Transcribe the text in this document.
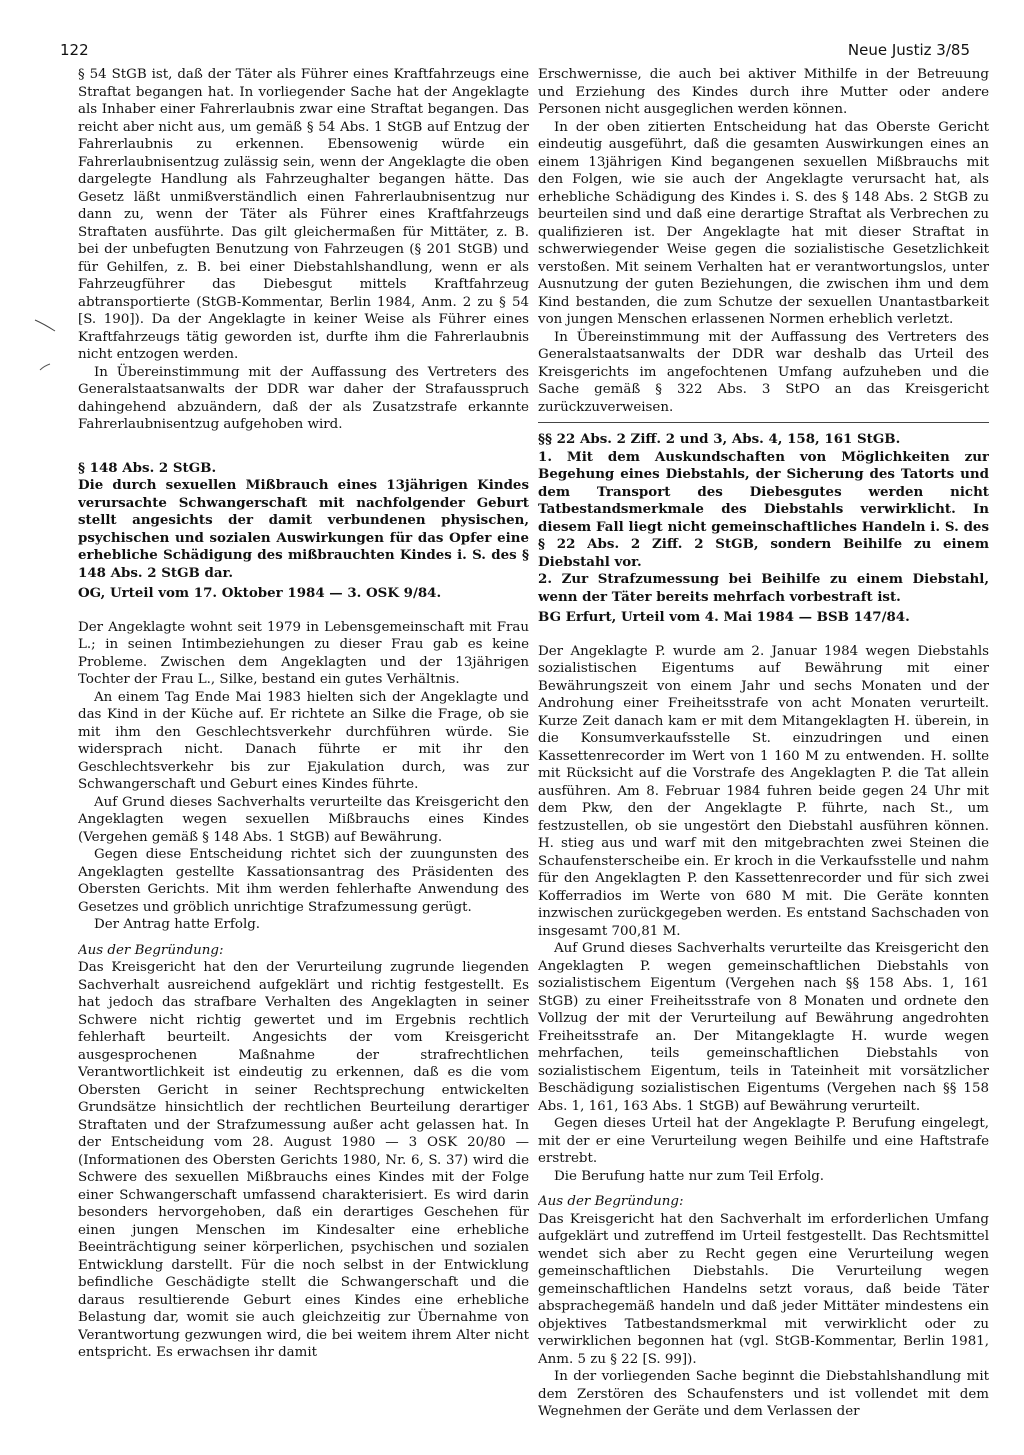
122	Neue Justiz 3/85

§ 54 StGB ist, daß der Täter als Führer eines Kraftfahrzeugs eine Straftat begangen hat. In vorliegender Sache hat der Angeklagte als Inhaber einer Fahrerlaubnis zwar eine Straftat begangen. Das reicht aber nicht aus, um gemäß § 54 Abs. 1 StGB auf Entzug der Fahrerlaubnis zu erkennen. Ebensowenig würde ein Fahrerlaubnisentzug zulässig sein, wenn der Angeklagte die oben dargelegte Handlung als Fahrzeughalter begangen hätte. Das Gesetz läßt unmißverständlich einen Fahrerlaubnisentzug nur dann zu, wenn der Täter als Führer eines Kraftfahrzeugs Straftaten ausführte. Das gilt gleichermaßen für Mittäter, z. B. bei der unbefugten Benutzung von Fahrzeugen (§ 201 StGB) und für Gehilfen, z. B. bei einer Diebstahlshandlung, wenn er als Fahrzeugführer das Diebesgut mittels Kraftfahrzeug abtransportierte (StGB-Kommentar, Berlin 1984, Anm. 2 zu § 54 [S. 190]). Da der Angeklagte in keiner Weise als Führer eines Kraftfahrzeugs tätig geworden ist, durfte ihm die Fahrerlaubnis nicht entzogen werden.

In Übereinstimmung mit der Auffassung des Vertreters des Generalstaatsanwalts der DDR war daher der Strafausspruch dahingehend abzuändern, daß der als Zusatzstrafe erkannte Fahrerlaubnisentzug aufgehoben wird.

§ 148 Abs. 2 StGB.

Die durch sexuellen Mißbrauch eines 13jährigen Kindes verursachte Schwangerschaft mit nachfolgender Geburt stellt angesichts der damit verbundenen physischen, psychischen und sozialen Auswirkungen für das Opfer eine erhebliche Schädigung des mißbrauchten Kindes i. S. des § 148 Abs. 2 StGB dar.

OG, Urteil vom 17. Oktober 1984 — 3. OSK 9/84.

Der Angeklagte wohnt seit 1979 in Lebensgemeinschaft mit Frau L.; in seinen Intimbeziehungen zu dieser Frau gab es keine Probleme. Zwischen dem Angeklagten und der 13jährigen Tochter der Frau L., Silke, bestand ein gutes Verhältnis.

An einem Tag Ende Mai 1983 hielten sich der Angeklagte und das Kind in der Küche auf. Er richtete an Silke die Frage, ob sie mit ihm den Geschlechtsverkehr durchführen würde. Sie widersprach nicht. Danach führte er mit ihr den Geschlechtsverkehr bis zur Ejakulation durch, was zur Schwangerschaft und Geburt eines Kindes führte.

Auf Grund dieses Sachverhalts verurteilte das Kreisgericht den Angeklagten wegen sexuellen Mißbrauchs eines Kindes (Vergehen gemäß § 148 Abs. 1 StGB) auf Bewährung.

Gegen diese Entscheidung richtet sich der zuungunsten des Angeklagten gestellte Kassationsantrag des Präsidenten des Obersten Gerichts. Mit ihm werden fehlerhafte Anwendung des Gesetzes und gröblich unrichtige Strafzumessung gerügt.

Der Antrag hatte Erfolg.

Aus der Begründung:

Das Kreisgericht hat den der Verurteilung zugrunde liegenden Sachverhalt ausreichend aufgeklärt und richtig festgestellt. Es hat jedoch das strafbare Verhalten des Angeklagten in seiner Schwere nicht richtig gewertet und im Ergebnis rechtlich fehlerhaft beurteilt. Angesichts der vom Kreisgericht ausgesprochenen Maßnahme der strafrechtlichen Verantwortlichkeit ist eindeutig zu erkennen, daß es die vom Obersten Gericht in seiner Rechtsprechung entwickelten Grundsätze hinsichtlich der rechtlichen Beurteilung derartiger Straftaten und der Strafzumessung außer acht gelassen hat. In der Entscheidung vom 28. August 1980 — 3 OSK 20/80 — (Informationen des Obersten Gerichts 1980, Nr. 6, S. 37) wird die Schwere des sexuellen Mißbrauchs eines Kindes mit der Folge einer Schwangerschaft umfassend charakterisiert. Es wird darin besonders hervorgehoben, daß ein derartiges Geschehen für einen jungen Menschen im Kindesalter eine erhebliche Beeinträchtigung seiner körperlichen, psychischen und sozialen Entwicklung darstellt. Für die noch selbst in der Entwicklung befindliche Geschädigte stellt die Schwangerschaft und die daraus resultierende Geburt eines Kindes eine erhebliche Belastung dar, womit sie auch gleichzeitig zur Übernahme von Verantwortung gezwungen wird, die bei weitem ihrem Alter nicht entspricht. Es erwachsen ihr damit

Erschwernisse, die auch bei aktiver Mithilfe in der Betreuung und Erziehung des Kindes durch ihre Mutter oder andere Personen nicht ausgeglichen werden können.

In der oben zitierten Entscheidung hat das Oberste Gericht eindeutig ausgeführt, daß die gesamten Auswirkungen eines an einem 13jährigen Kind begangenen sexuellen Mißbrauchs mit den Folgen, wie sie auch der Angeklagte verursacht hat, als erhebliche Schädigung des Kindes i. S. des § 148 Abs. 2 StGB zu beurteilen sind und daß eine derartige Straftat als Verbrechen zu qualifizieren ist. Der Angeklagte hat mit dieser Straftat in schwerwiegender Weise gegen die sozialistische Gesetzlichkeit verstoßen. Mit seinem Verhalten hat er verantwortungslos, unter Ausnutzung der guten Beziehungen, die zwischen ihm und dem Kind bestanden, die zum Schutze der sexuellen Unantastbarkeit von jungen Menschen erlassenen Normen erheblich verletzt.

In Übereinstimmung mit der Auffassung des Vertreters des Generalstaatsanwalts der DDR war deshalb das Urteil des Kreisgerichts im angefochtenen Umfang aufzuheben und die Sache gemäß § 322 Abs. 3 StPO an das Kreisgericht zurückzuverweisen.

§§ 22 Abs. 2 Ziff. 2 und 3, Abs. 4, 158, 161 StGB.

1. Mit dem Auskundschaften von Möglichkeiten zur Begehung eines Diebstahls, der Sicherung des Tatorts und dem Transport des Diebesgutes werden nicht Tatbestandsmerkmale des Diebstahls verwirklicht. In diesem Fall liegt nicht gemeinschaftliches Handeln i. S. des § 22 Abs. 2 Ziff. 2 StGB, sondern Beihilfe zu einem Diebstahl vor.

2. Zur Strafzumessung bei Beihilfe zu einem Diebstahl, wenn der Täter bereits mehrfach vorbestraft ist.

BG Erfurt, Urteil vom 4. Mai 1984 — BSB 147/84.

Der Angeklagte P. wurde am 2. Januar 1984 wegen Diebstahls sozialistischen Eigentums auf Bewährung mit einer Bewährungszeit von einem Jahr und sechs Monaten und der Androhung einer Freiheitsstrafe von acht Monaten verurteilt. Kurze Zeit danach kam er mit dem Mitangeklagten H. überein, in die Konsumverkaufsstelle St. einzudringen und einen Kassettenrecorder im Wert von 1 160 M zu entwenden. H. sollte mit Rücksicht auf die Vorstrafe des Angeklagten P. die Tat allein ausführen. Am 8. Februar 1984 fuhren beide gegen 24 Uhr mit dem Pkw, den der Angeklagte P. führte, nach St., um festzustellen, ob sie ungestört den Diebstahl ausführen können. H. stieg aus und warf mit den mitgebrachten zwei Steinen die Schaufensterscheibe ein. Er kroch in die Verkaufsstelle und nahm für den Angeklagten P. den Kassettenrecorder und für sich zwei Kofferradios im Werte von 680 M mit. Die Geräte konnten inzwischen zurückgegeben werden. Es entstand Sachschaden von insgesamt 700,81 M.

Auf Grund dieses Sachverhalts verurteilte das Kreisgericht den Angeklagten P. wegen gemeinschaftlichen Diebstahls von sozialistischem Eigentum (Vergehen nach §§ 158 Abs. 1, 161 StGB) zu einer Freiheitsstrafe von 8 Monaten und ordnete den Vollzug der mit der Verurteilung auf Bewährung angedrohten Freiheitsstrafe an. Der Mitangeklagte H. wurde wegen mehrfachen, teils gemeinschaftlichen Diebstahls von sozialistischem Eigentum, teils in Tateinheit mit vorsätzlicher Beschädigung sozialistischen Eigentums (Vergehen nach §§ 158 Abs. 1, 161, 163 Abs. 1 StGB) auf Bewährung verurteilt.

Gegen dieses Urteil hat der Angeklagte P. Berufung eingelegt, mit der er eine Verurteilung wegen Beihilfe und eine Haftstrafe erstrebt.

Die Berufung hatte nur zum Teil Erfolg.

Aus der Begründung:

Das Kreisgericht hat den Sachverhalt im erforderlichen Umfang aufgeklärt und zutreffend im Urteil festgestellt. Das Rechtsmittel wendet sich aber zu Recht gegen eine Verurteilung wegen gemeinschaftlichen Diebstahls. Die Verurteilung wegen gemeinschaftlichen Handelns setzt voraus, daß beide Täter absprachegemäß handeln und daß jeder Mittäter mindestens ein objektives Tatbestandsmerkmal mit verwirklicht oder zu verwirklichen begonnen hat (vgl. StGB-Kommentar, Berlin 1981, Anm. 5 zu § 22 [S. 99]).

In der vorliegenden Sache beginnt die Diebstahlshandlung mit dem Zerstören des Schaufensters und ist vollendet mit dem Wegnehmen der Geräte und dem Verlassen der
